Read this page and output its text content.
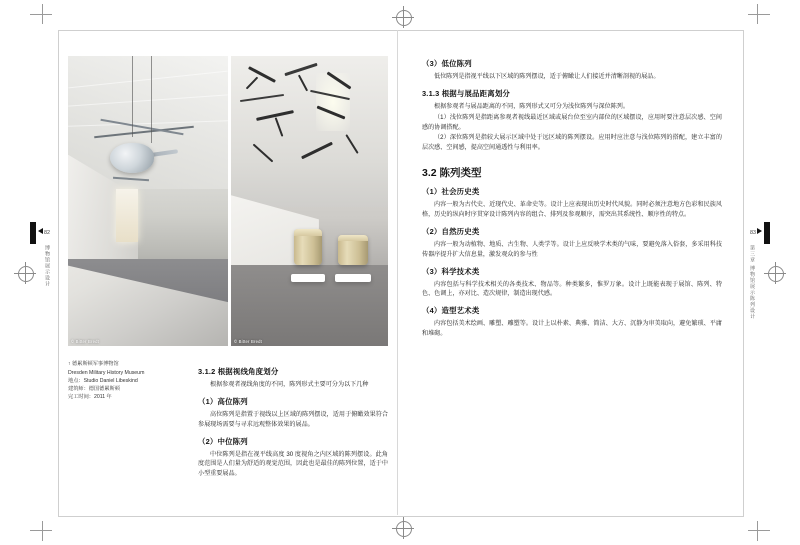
© Bitter Bredt	© Bitter Bredt
↑ 德累斯顿军事博物馆
Dresden Military History Museum
地点：Studio Daniel Libeskind
建筑师：德国德累斯顿
完工时间：2011 年
3.1.2 根据视线角度划分

根据参观者视线角度的不同，陈列形式主要可分为以下几种

（1）高位陈列

高位陈列是指置于视线以上区域的陈列摆设，适用于俯瞰效果符合参展现场需要与寻求远观整体效果的展品。

（2）中位陈列

中位陈列是指在视平线高度 30 度视角之内区域的陈列摆设。此角度范围是人们量为舒适的观觉范围，因此也是最佳的陈列位置，适于中小型重要展品。

（3）低位陈列

低位陈列是指视平线以下区域的陈列摆设，适于俯瞰让人们接近并清晰剖视的展品。

3.1.3 根据与展品距离划分

根据参观者与展品距离的不同，陈列形式又可分为浅位陈列与深位陈列。

（1）浅位陈列是指距离参观者视线最近区域或展台位至室内部位的区域摆设，应用时要注意层次感、空间感的协调搭配。

（2）深位陈列是指较大展示区域中处于远区域的陈列摆设。应用时应注意与浅位陈列的搭配，建立丰富的层次感、空间感，提高空间通透性与利用率。

3.2 陈列类型
（1）社会历史类

内容一般为古代史、近现代史、革命史等。设计上应表现出历史时代风貌。同时必须注意地方色彩和民族风格，历史的纵向时序贯穿设计陈列内容的组合、排列及参观顺序，需突出其系统性、顺序性的特点。

（2）自然历史类

内容一般为动植物、地质、古生物、人类学等。设计上应反映学术类的气味，要避免落入俗套，多采用科技传器序提升扩大信息量，激发观众的参与性

（3）科学技术类

内容包括与科学技术相关的各类技术、物品等。种类繁多，惟罗万象。设计上既能表现于展馆、陈列、特色、色调上，亦对比、造次规律，制造出现代感。

（4）造型艺术类

内容包括美术绘画、雕塑、雕塑等。设计上以朴素、典雅、简洁、大方、沉静为审美取向，避免繁琐、平庸和堆砌。

82
博物馆展示设计
83
第三章 博物馆展示陈列设计
